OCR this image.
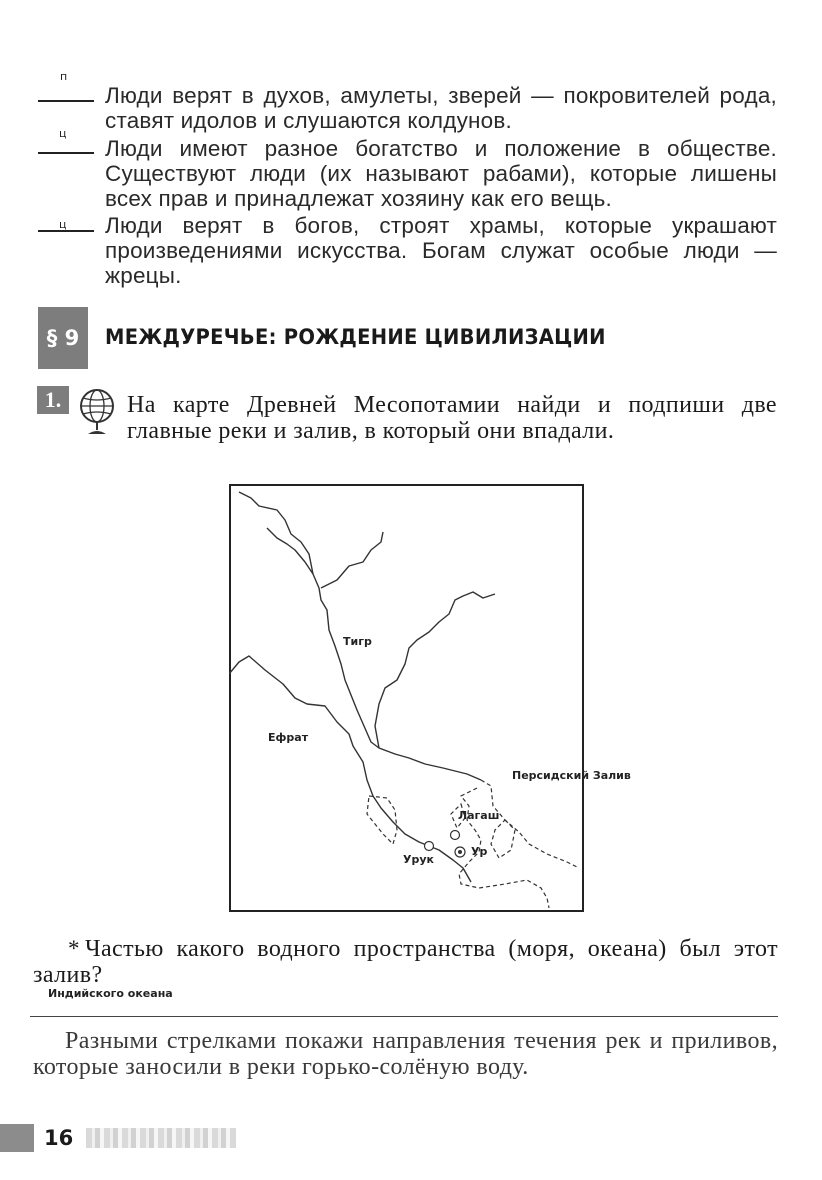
п
Люди верят в духов, амулеты, зверей — покровителей рода, ставят идолов и слушаются колдунов.
ц
Люди имеют разное богатство и положение в обществе. Существуют люди (их называют рабами), которые лишены всех прав и принадлежат хозяину как его вещь.
ц Люди верят в богов, строят храмы, которые украшают произведениями искусства. Богам служат особые люди — жрецы.
§ 9	МЕЖДУРЕЧЬЕ: РОЖДЕНИЕ ЦИВИЛИЗАЦИИ
1.	На карте Древней Месопотамии найди и подпиши две главные реки и залив, в который они впадали.
Тигр
Ефрат
Персидский Залив
Лагаш
Ур
Урук
* Частью какого водного пространства (моря, океана) был этот залив?
Индийского океана
Разными стрелками покажи направления течения рек и приливов, которые заносили в реки горько-солёную воду.
16
